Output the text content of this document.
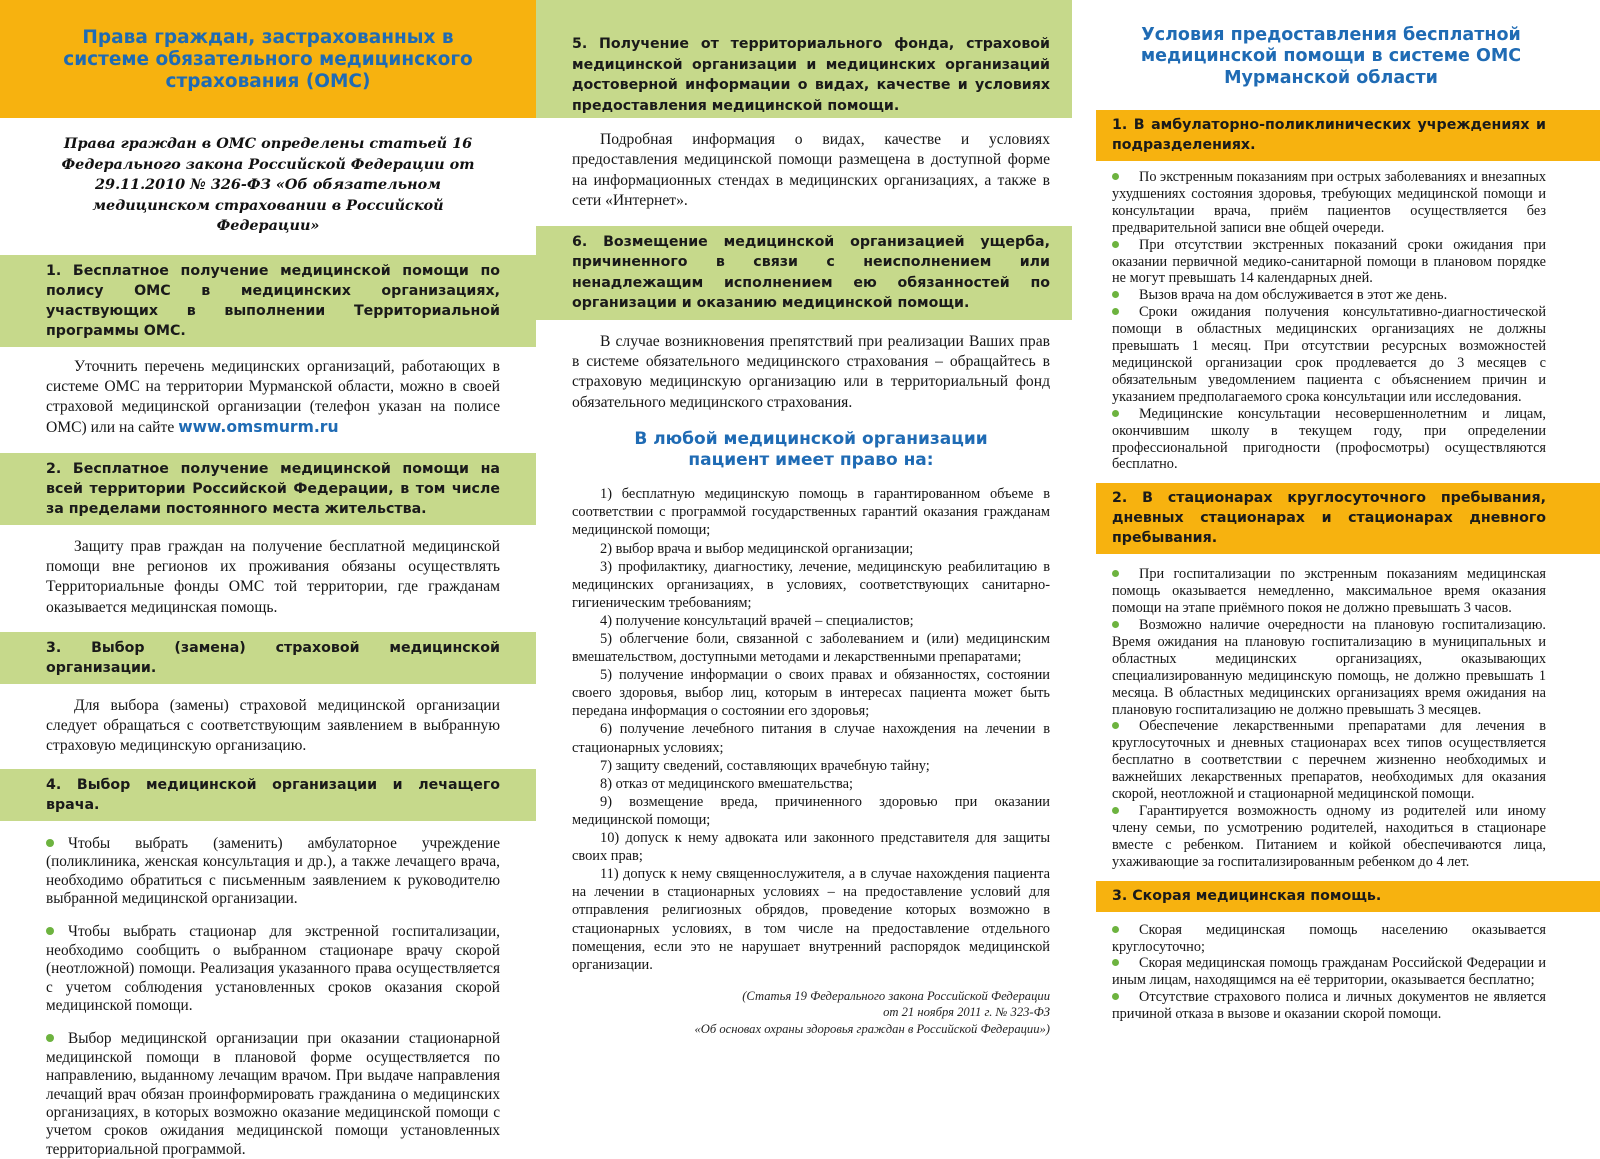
Права граждан, застрахованных в системе обязательного медицинского страхования (ОМС)
Права граждан в ОМС определены статьей 16 Федерального закона Российской Федерации от 29.11.2010 № 326-ФЗ «Об обязательном медицинском страховании в Российской Федерации»
1. Бесплатное получение медицинской помощи по полису ОМС в медицинских организациях, участвующих в выполнении Территориальной программы ОМС.
Уточнить перечень медицинских организаций, работающих в системе ОМС на территории Мурманской области, можно в своей страховой медицинской организации (телефон указан на полисе ОМС) или на сайте www.omsmurm.ru
2. Бесплатное получение медицинской помощи на всей территории Российской Федерации, в том числе за пределами постоянного места жительства.
Защиту прав граждан на получение бесплатной медицинской помощи вне регионов их проживания обязаны осуществлять Территориальные фонды ОМС той территории, где гражданам оказывается медицинская помощь.
3. Выбор (замена) страховой медицинской организации.
Для выбора (замены) страховой медицинской организации следует обращаться с соответствующим заявлением в выбранную страховую медицинскую организацию.
4. Выбор медицинской организации и лечащего врача.

Чтобы выбрать (заменить) амбулаторное учреждение (поликлиника, женская консультация и др.), а также лечащего врача, необходимо обратиться с письменным заявлением к руководителю выбранной медицинской организации.

Чтобы выбрать стационар для экстренной госпитализации, необходимо сообщить о выбранном стационаре врачу скорой (неотложной) помощи. Реализация указанного права осуществляется с учетом соблюдения установленных сроков оказания скорой медицинской помощи.

Выбор медицинской организации при оказании стационарной медицинской помощи в плановой форме осуществляется по направлению, выданному лечащим врачом. При выдаче направления лечащий врач обязан проинформировать гражданина о медицинских организациях, в которых возможно оказание медицинской помощи с учетом сроков ожидания медицинской помощи установленных территориальной программой.

5. Получение от территориального фонда, страховой медицинской организации и медицинских организаций достоверной информации о видах, качестве и условиях предоставления медицинской помощи.
Подробная информация о видах, качестве и условиях предоставления медицинской помощи размещена в доступной форме на информационных стендах в медицинских организациях, а также в сети «Интернет».
6. Возмещение медицинской организацией ущерба, причиненного в связи с неисполнением или ненадлежащим исполнением ею обязанностей по организации и оказанию медицинской помощи.
В случае возникновения препятствий при реализации Ваших прав в системе обязательного медицинского страхования – обращайтесь в страховую медицинскую организацию или в территориальный фонд обязательного медицинского страхования.
В любой медицинской организации
пациент имеет право на:

1) бесплатную медицинскую помощь в гарантированном объеме в соответствии с программой государственных гарантий оказания гражданам медицинской помощи;

2) выбор врача и выбор медицинской организации;

3) профилактику, диагностику, лечение, медицинскую реабилитацию в медицинских организациях, в условиях, соответствующих санитарно-гигиеническим требованиям;

4) получение консультаций врачей – специалистов;

5) облегчение боли, связанной с заболеванием и (или) медицинским вмешательством, доступными методами и лекарственными препаратами;

5) получение информации о своих правах и обязанностях, состоянии своего здоровья, выбор лиц, которым в интересах пациента может быть передана информация о состоянии его здоровья;

6) получение лечебного питания в случае нахождения на лечении в стационарных условиях;

7) защиту сведений, составляющих врачебную тайну;

8) отказ от медицинского вмешательства;

9) возмещение вреда, причиненного здоровью при оказании медицинской помощи;

10) допуск к нему адвоката или законного представителя для защиты своих прав;

11) допуск к нему священнослужителя, а в случае нахождения пациента на лечении в стационарных условиях – на предоставление условий для отправления религиозных обрядов, проведение которых возможно в стационарных условиях, в том числе на предоставление отдельного помещения, если это не нарушает внутренний распорядок медицинской организации.

(Статья 19 Федерального закона Российской Федерации
от 21 ноября 2011 г. № 323-ФЗ
«Об основах охраны здоровья граждан в Российской Федерации»)
Условия предоставления бесплатной медицинской помощи в системе ОМС Мурманской области
1. В амбулаторно-поликлинических учреждениях и подразделениях.

По экстренным показаниям при острых заболеваниях и внезапных ухудшениях состояния здоровья, требующих медицинской помощи и консультации врача, приём пациентов осуществляется без предварительной записи вне общей очереди.

При отсутствии экстренных показаний сроки ожидания при оказании первичной медико-санитарной помощи в плановом порядке не могут превышать 14 календарных дней.

Вызов врача на дом обслуживается в этот же день.

Сроки ожидания получения консультативно-диагностической помощи в областных медицинских организациях не должны превышать 1 месяц. При отсутствии ресурсных возможностей медицинской организации срок продлевается до 3 месяцев с обязательным уведомлением пациента с объяснением причин и указанием предполагаемого срока консультации или исследования.

Медицинские консультации несовершеннолетним и лицам, окончившим школу в текущем году, при определении профессиональной пригодности (профосмотры) осуществляются бесплатно.

2. В стационарах круглосуточного пребывания, дневных стационарах и стационарах дневного пребывания.

При госпитализации по экстренным показаниям медицинская помощь оказывается немедленно, максимальное время оказания помощи на этапе приёмного покоя не должно превышать 3 часов.

Возможно наличие очередности на плановую госпитализацию. Время ожидания на плановую госпитализацию в муниципальных и областных медицинских организациях, оказывающих специализированную медицинскую помощь, не должно превышать 1 месяца. В областных медицинских организациях время ожидания на плановую госпитализацию не должно превышать 3 месяцев.

Обеспечение лекарственными препаратами для лечения в круглосуточных и дневных стационарах всех типов осуществляется бесплатно в соответствии с перечнем жизненно необходимых и важнейших лекарственных препаратов, необходимых для оказания скорой, неотложной и стационарной медицинской помощи.

Гарантируется возможность одному из родителей или иному члену семьи, по усмотрению родителей, находиться в стационаре вместе с ребенком. Питанием и койкой обеспечиваются лица, ухаживающие за госпитализированным ребенком до 4 лет.

3. Скорая медицинская помощь.

Скорая медицинская помощь населению оказывается круглосуточно;

Скорая медицинская помощь гражданам Российской Федерации и иным лицам, находящимся на её территории, оказывается бесплатно;

Отсутствие страхового полиса и личных документов не является причиной отказа в вызове и оказании скорой помощи.
